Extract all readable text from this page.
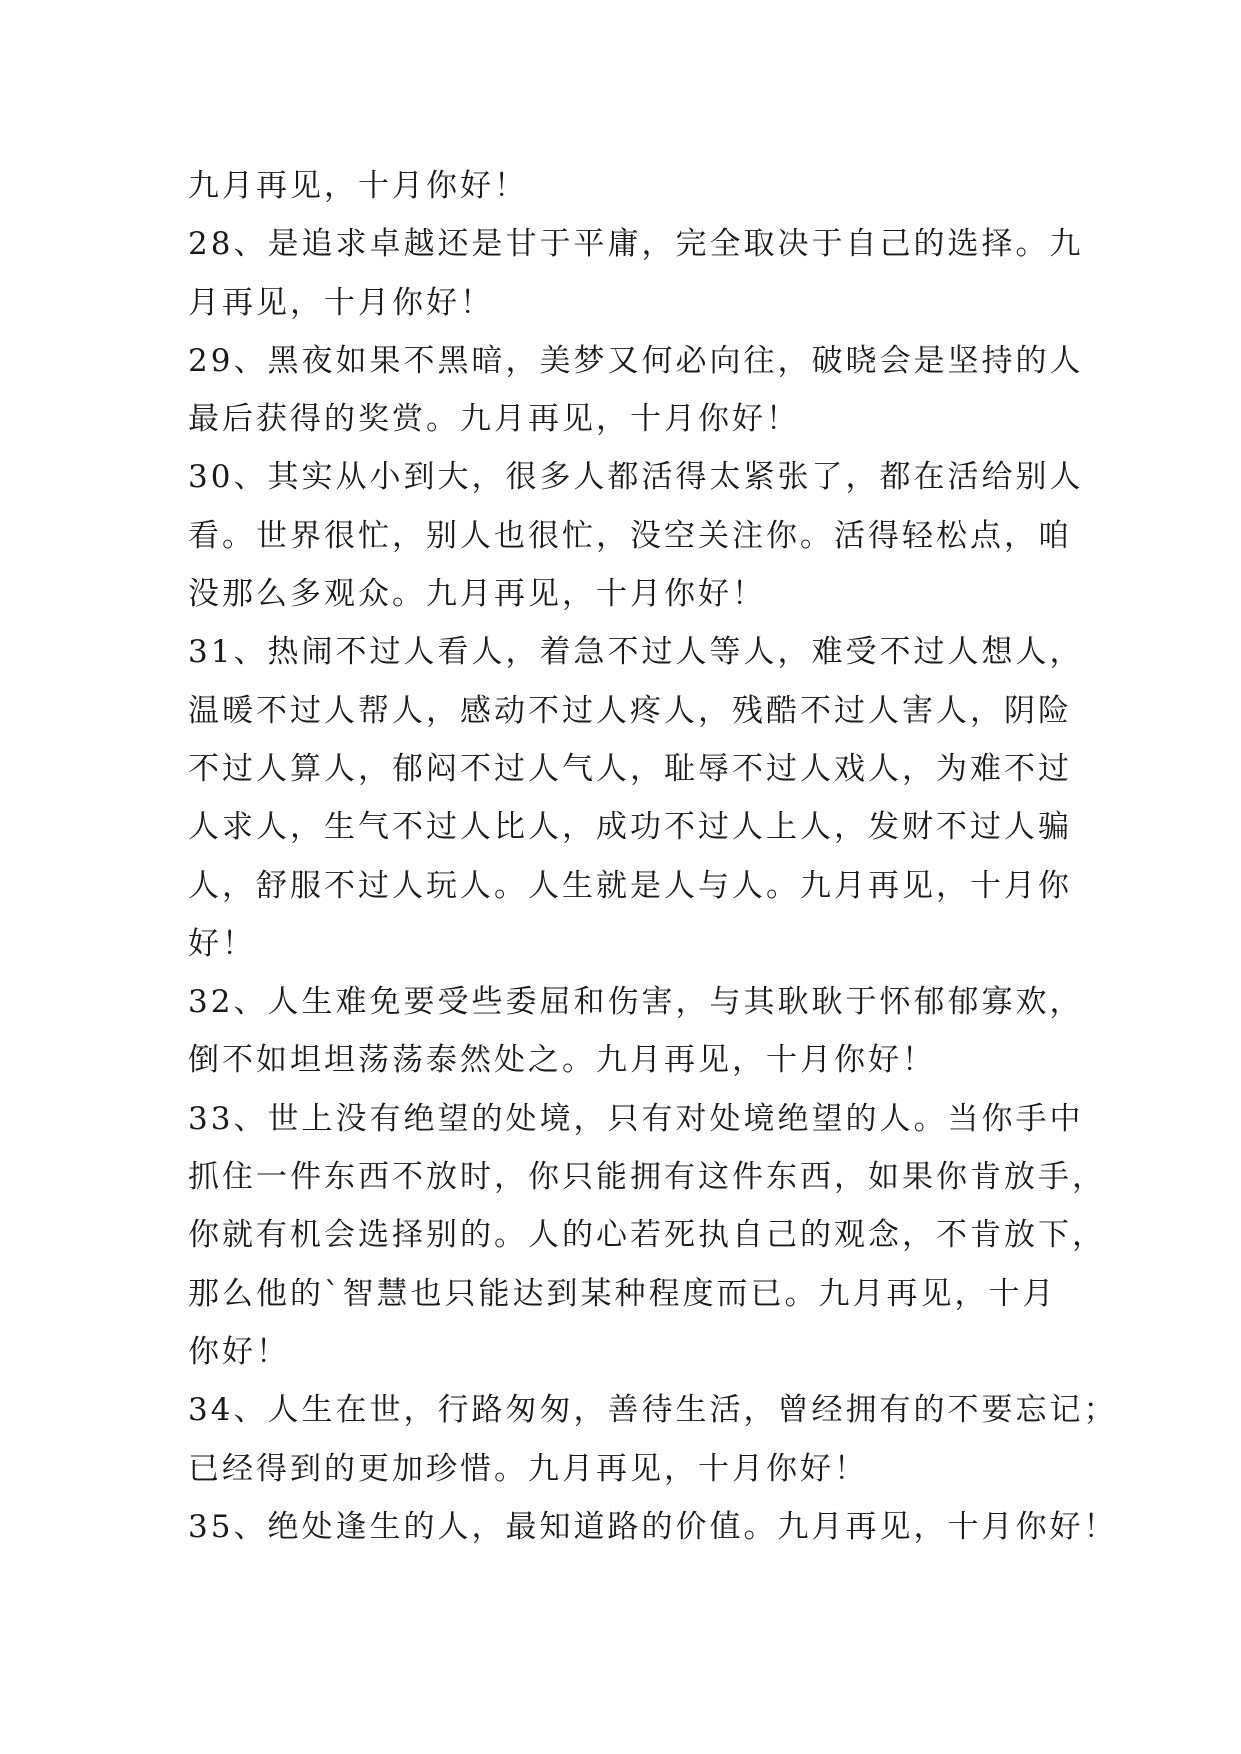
九月再见，十月你好！
28、是追求卓越还是甘于平庸，完全取决于自己的选择。九
月再见，十月你好！
29、黑夜如果不黑暗，美梦又何必向往，破晓会是坚持的人
最后获得的奖赏。九月再见，十月你好！
30、其实从小到大，很多人都活得太紧张了，都在活给别人
看。世界很忙，别人也很忙，没空关注你。活得轻松点，咱
没那么多观众。九月再见，十月你好！
31、热闹不过人看人，着急不过人等人，难受不过人想人，
温暖不过人帮人，感动不过人疼人，残酷不过人害人，阴险
不过人算人，郁闷不过人气人，耻辱不过人戏人，为难不过
人求人，生气不过人比人，成功不过人上人，发财不过人骗
人，舒服不过人玩人。人生就是人与人。九月再见，十月你
好！
32、人生难免要受些委屈和伤害，与其耿耿于怀郁郁寡欢，
倒不如坦坦荡荡泰然处之。九月再见，十月你好！
33、世上没有绝望的处境，只有对处境绝望的人。当你手中
抓住一件东西不放时，你只能拥有这件东西，如果你肯放手，
你就有机会选择别的。人的心若死执自己的观念，不肯放下，
那么他的`智慧也只能达到某种程度而已。九月再见，十月
你好！
34、人生在世，行路匆匆，善待生活，曾经拥有的不要忘记；
已经得到的更加珍惜。九月再见，十月你好！
35、绝处逢生的人，最知道路的价值。九月再见，十月你好！
